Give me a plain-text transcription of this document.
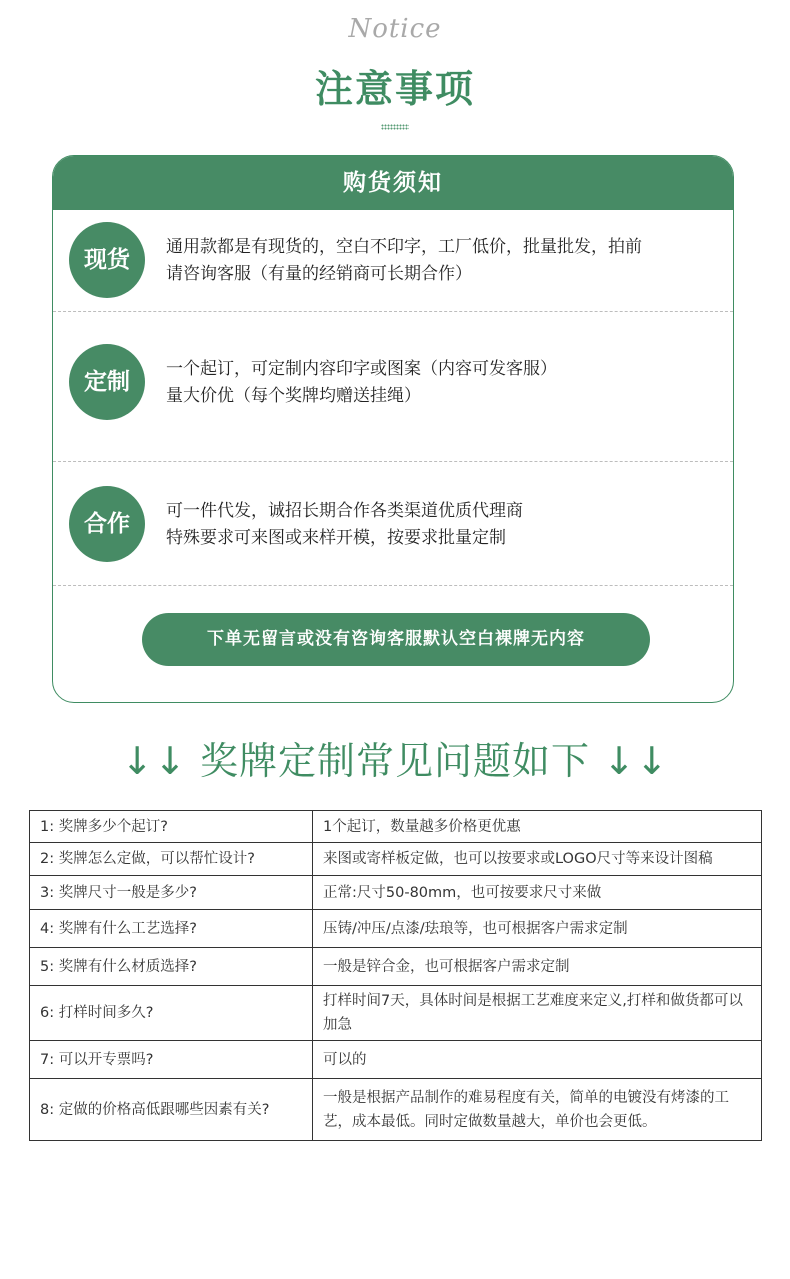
Notice
注意事项
购货须知
现货	通用款都是有现货的，空白不印字，工厂低价，批量批发，拍前
请咨询客服（有量的经销商可长期合作）
定制	一个起订，可定制内容印字或图案（内容可发客服）
量大价优（每个奖牌均赠送挂绳）
合作	可一件代发，诚招长期合作各类渠道优质代理商
特殊要求可来图或来样开模，按要求批量定制
下单无留言或没有咨询客服默认空白裸牌无内容
↓↓ 奖牌定制常见问题如下 ↓↓
1: 奖牌多少个起订?	1个起订，数量越多价格更优惠
2: 奖牌怎么定做，可以帮忙设计?	来图或寄样板定做，也可以按要求或LOGO尺寸等来设计图稿
3: 奖牌尺寸一般是多少?	正常:尺寸50-80mm，也可按要求尺寸来做
4: 奖牌有什么工艺选择?	压铸/冲压/点漆/珐琅等，也可根据客户需求定制
5: 奖牌有什么材质选择?	一般是锌合金，也可根据客户需求定制
6: 打样时间多久?	打样时间7天，具体时间是根据工艺难度来定义,打样和做货都可以加急
7: 可以开专票吗?	可以的
8: 定做的价格高低跟哪些因素有关?	一般是根据产品制作的难易程度有关，简单的电镀没有烤漆的工艺，成本最低。同时定做数量越大，单价也会更低。
